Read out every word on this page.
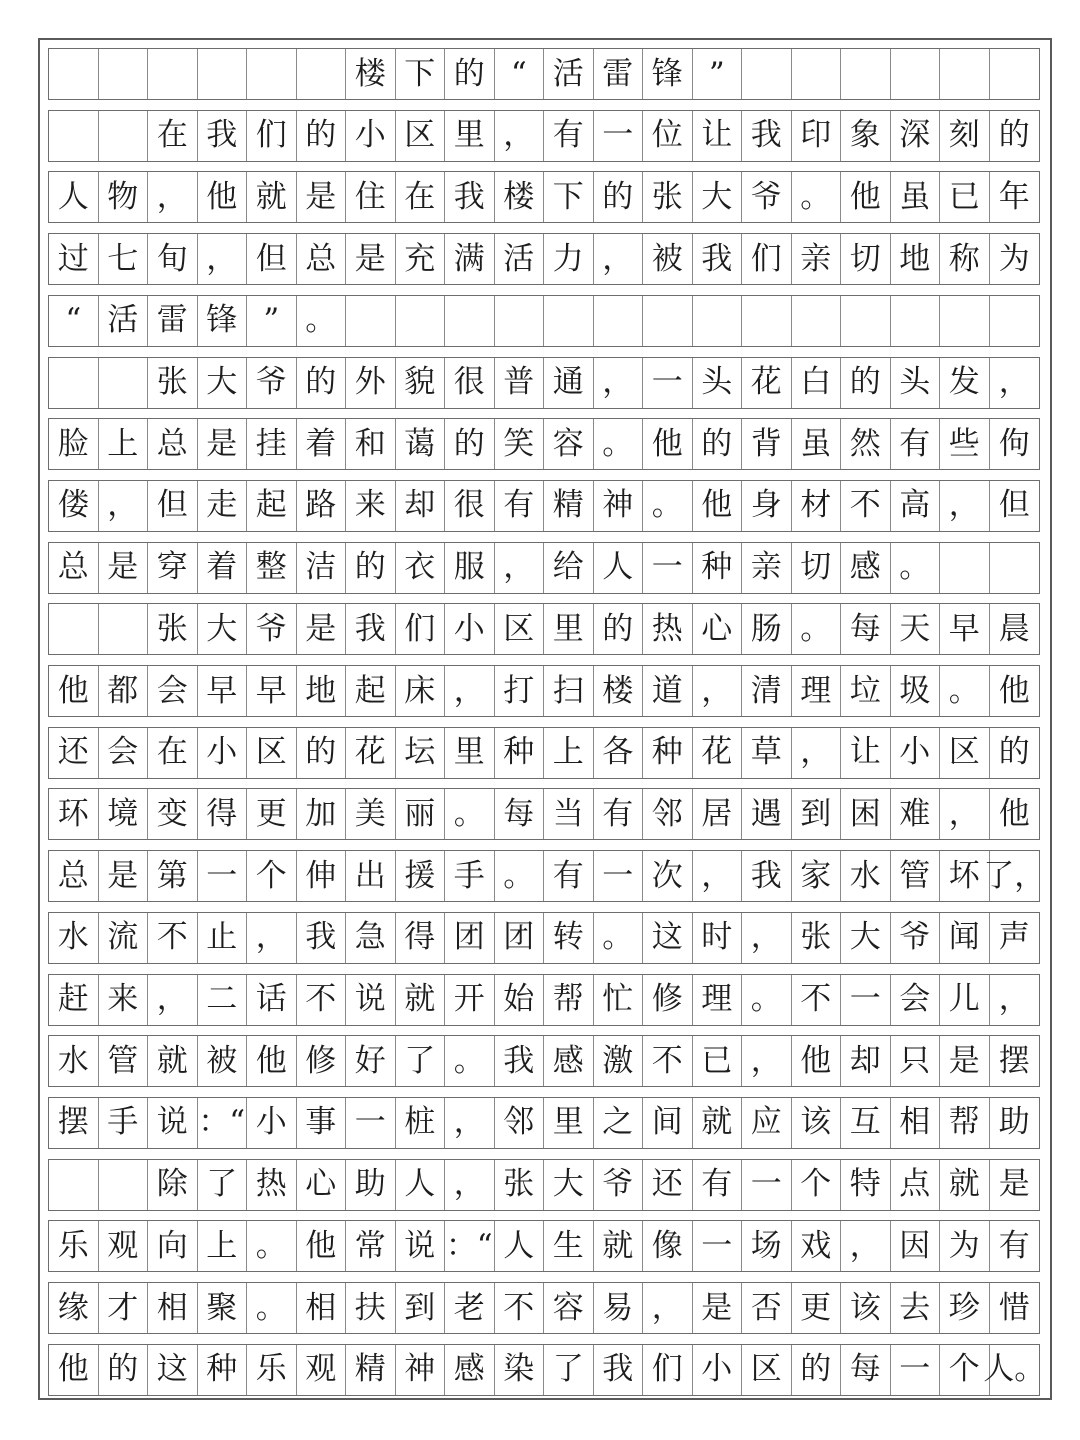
楼 下 的 “ 活 雷 锋 ”
在 我 们 的 小 区 里 ， 有 一 位 让 我 印 象 深 刻 的
人 物 ， 他 就 是 住 在 我 楼 下 的 张 大 爷 。 他 虽 已 年
过 七 旬 ， 但 总 是 充 满 活 力 ， 被 我 们 亲 切 地 称 为
“ 活 雷 锋 ” 。
张 大 爷 的 外 貌 很 普 通 ， 一 头 花 白 的 头 发 ，
脸 上 总 是 挂 着 和 蔼 的 笑 容 。 他 的 背 虽 然 有 些 佝
偻 ， 但 走 起 路 来 却 很 有 精 神 。 他 身 材 不 高 ， 但
总 是 穿 着 整 洁 的 衣 服 ， 给 人 一 种 亲 切 感 。
张 大 爷 是 我 们 小 区 里 的 热 心 肠 。 每 天 早 晨
他 都 会 早 早 地 起 床 ， 打 扫 楼 道 ， 清 理 垃 圾 。 他
还 会 在 小 区 的 花 坛 里 种 上 各 种 花 草 ， 让 小 区 的
环 境 变 得 更 加 美 丽 。 每 当 有 邻 居 遇 到 困 难 ， 他
总 是 第 一 个 伸 出 援 手 。 有 一 次 ， 我 家 水 管 坏 了，
水 流 不 止 ， 我 急 得 团 团 转 。 这 时 ， 张 大 爷 闻 声
赶 来 ， 二 话 不 说 就 开 始 帮 忙 修 理 。 不 一 会 儿 ，
水 管 就 被 他 修 好 了 。 我 感 激 不 已 ， 他 却 只 是 摆
摆 手 说 ：“ 小 事 一 桩 ， 邻 里 之 间 就 应 该 互 相 帮 助
除 了 热 心 助 人 ， 张 大 爷 还 有 一 个 特 点 就 是
乐 观 向 上 。 他 常 说 ：“ 人 生 就 像 一 场 戏 ， 因 为 有
缘 才 相 聚 。 相 扶 到 老 不 容 易 ， 是 否 更 该 去 珍 惜
他 的 这 种 乐 观 精 神 感 染 了 我 们 小 区 的 每 一 个 人。
